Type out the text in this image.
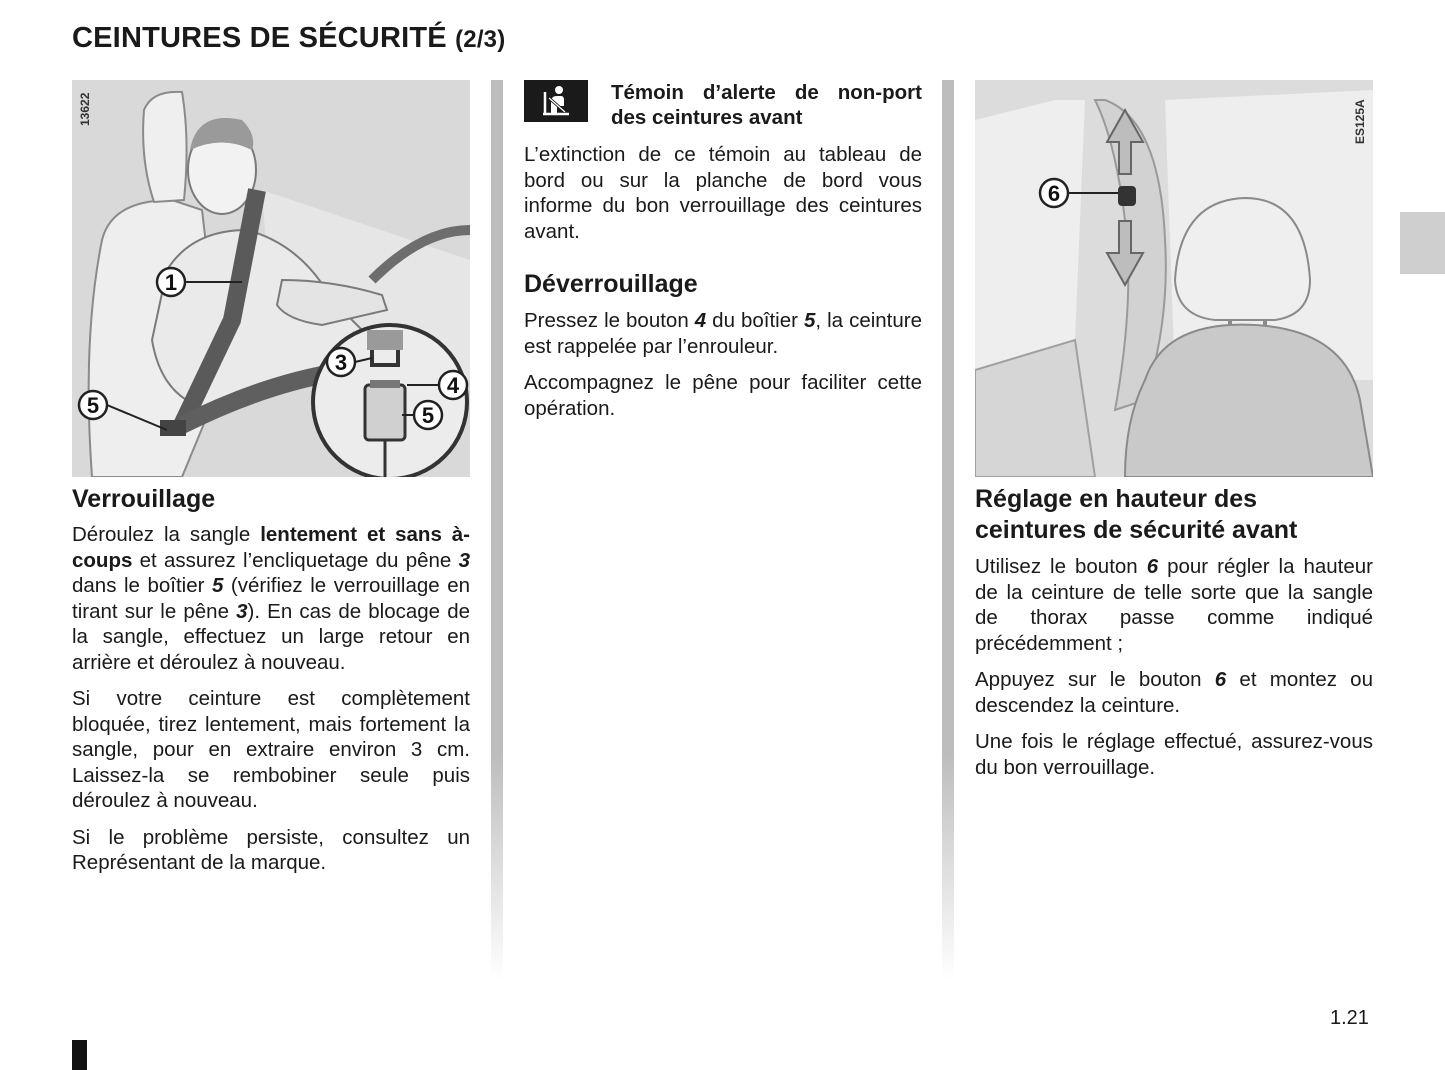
CEINTURES DE SÉCURITÉ (2/3)
1
5
3
4
5
13622
Verrouillage

Déroulez la sangle lentement et sans à-coups et assurez l’encliquetage du pêne 3 dans le boîtier 5 (vérifiez le verrouillage en tirant sur le pêne 3). En cas de blocage de la sangle, effectuez un large retour en arrière et déroulez à nouveau.

Si votre ceinture est complètement bloquée, tirez lentement, mais fortement la sangle, pour en extraire environ 3 cm. Laissez-la se rembobiner seule puis déroulez à nouveau.

Si le problème persiste, consultez un Représentant de la marque.

Témoin d’alerte de non-port des ceintures avant

L’extinction de ce témoin au tableau de bord ou sur la planche de bord vous informe du bon verrouillage des ceintures avant.

Déverrouillage

Pressez le bouton 4 du boîtier 5, la ceinture est rappelée par l’enrouleur.

Accompagnez le pêne pour faciliter cette opération.

6
ES125A
Réglage en hauteur des ceintures de sécurité avant

Utilisez le bouton 6 pour régler la hauteur de la ceinture de telle sorte que la sangle de thorax passe comme indiqué précédemment ;

Appuyez sur le bouton 6 et montez ou descendez la ceinture.

Une fois le réglage effectué, assurez-vous du bon verrouillage.

1.21
